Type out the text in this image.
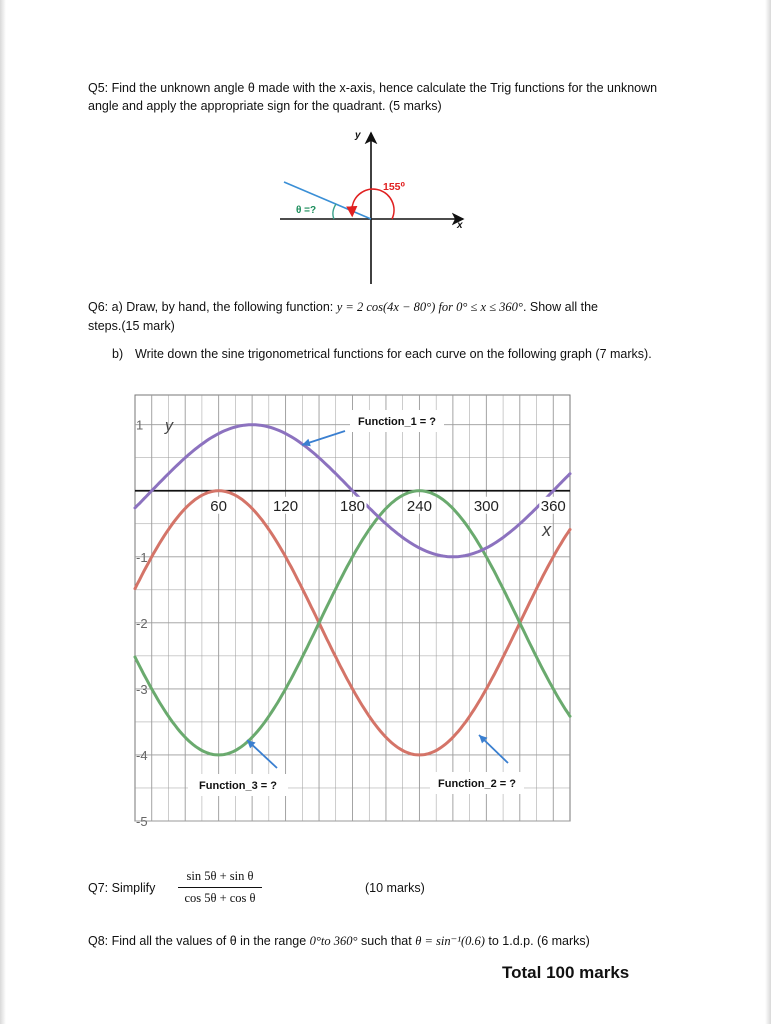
Q5: Find the unknown angle θ made with the x-axis, hence calculate the Trig functions for the unknown
angle and apply the appropriate sign for the quadrant. (5 marks)
y
x
155⁰
θ =?
Q6: a) Draw, by hand, the following function: y = 2 cos(4x − 80°) for 0° ≤ x ≤ 360°. Show all the
steps.(15 mark)
b) Write down the sine trigonometrical functions for each curve on the following graph (7 marks).
60	120	180	240	300	360
1
-1
-2
-3
-4
-5
y
x
Function_1 = ?
Function_3 = ?	Function_2 = ?
Q7: Simplify
sin 5θ + sin θ
cos 5θ + cos θ
(10 marks)
Q8: Find all the values of θ in the range 0°to 360° such that θ = sin⁻¹(0.6) to 1.d.p. (6 marks)
Total 100 marks
